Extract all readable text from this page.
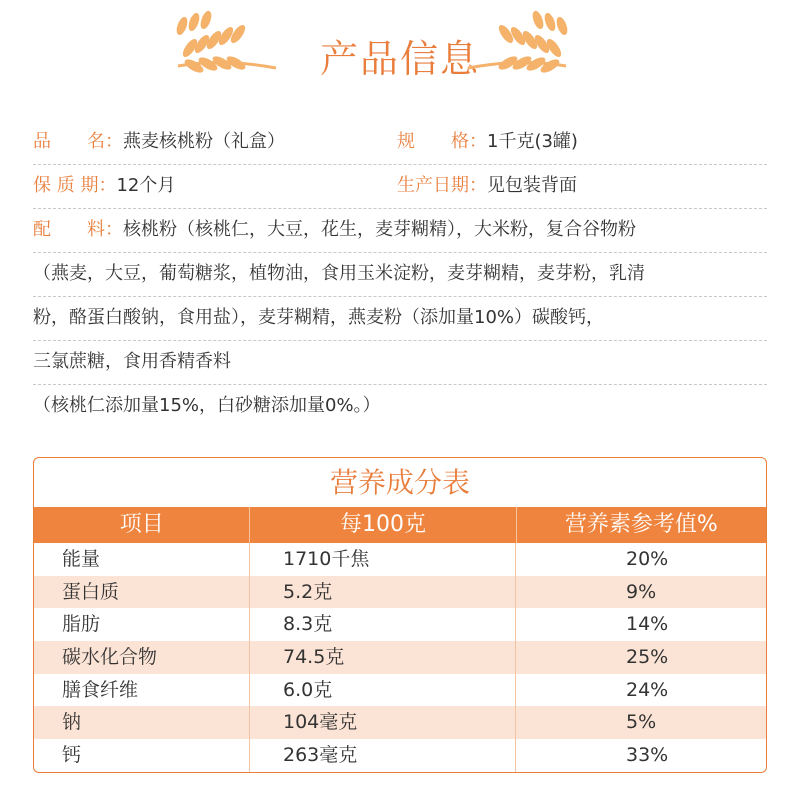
产品信息
品　　名：燕麦核桃粉（礼盒）	规　　格：1千克(3罐)
保 质 期：12个月	生产日期：见包装背面
配　　料：核桃粉（核桃仁，大豆，花生，麦芽糊精），大米粉，复合谷物粉
（燕麦，大豆，葡萄糖浆，植物油，食用玉米淀粉，麦芽糊精，麦芽粉，乳清
粉，酪蛋白酸钠，食用盐），麦芽糊精，燕麦粉（添加量10%）碳酸钙，
三氯蔗糖，食用香精香料
（核桃仁添加量15%，白砂糖添加量0%。）
营养成分表
项目	每100克	营养素参考值%
能量	1710千焦	20%
蛋白质	5.2克	9%
脂肪	8.3克	14%
碳水化合物	74.5克	25%
膳食纤维	6.0克	24%
钠	104毫克	5%
钙	263毫克	33%
